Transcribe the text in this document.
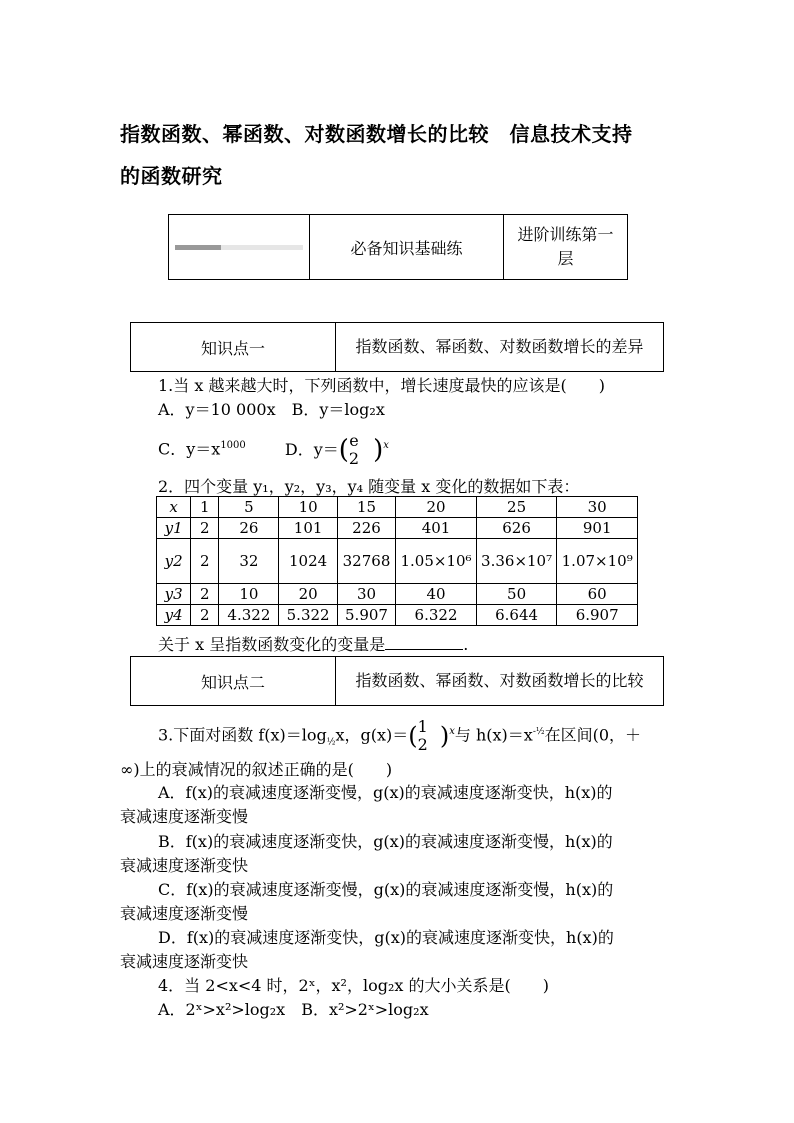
指数函数、幂函数、对数函数增长的比较　信息技术支持
的函数研究
必备知识基础练
进阶训练第一层
知识点一	指数函数、幂函数、对数函数增长的差异
1.当 x 越来越大时，下列函数中，增长速度最快的应该是(　　)
A．y＝10 000x　 B．y＝log₂x
C．$y=x^{1000}$ D．y＝( e
2 )$^x$
2．四个变量 y₁，y₂，y₃，y₄ 随变量 x 变化的数据如下表：
x	1	5	10	15	20	25	30
y1	2	26	101	226	401	626	901
y2	2	32	1024	32768	1.05×10⁶	3.36×10⁷	1.07×10⁹
y3	2	10	20	30	40	50	60
y4	2	4.322	5.322	5.907	6.322	6.644	6.907
关于 x 呈指数函数变化的变量是	.
知识点二	指数函数、幂函数、对数函数增长的比较
3.下面对函数 $f(x)=\log_{\frac{1}{2}}x$，g(x)＝( 1
2 )$^x$与 $h(x)=x^{-\frac{1}{2}}$在区间(0，＋
∞)上的衰减情况的叙述正确的是(　　)
A．f(x)的衰减速度逐渐变慢，g(x)的衰减速度逐渐变快，h(x)的
衰减速度逐渐变慢
B．f(x)的衰减速度逐渐变快，g(x)的衰减速度逐渐变慢，h(x)的
衰减速度逐渐变快
C．f(x)的衰减速度逐渐变慢，g(x)的衰减速度逐渐变慢，h(x)的
衰减速度逐渐变慢
D．f(x)的衰减速度逐渐变快，g(x)的衰减速度逐渐变快，h(x)的
衰减速度逐渐变快
4．当 2<x<4 时，2ˣ，x²，log₂x 的大小关系是(　　)
A．2ˣ>x²>log₂x　B．x²>2ˣ>log₂x
